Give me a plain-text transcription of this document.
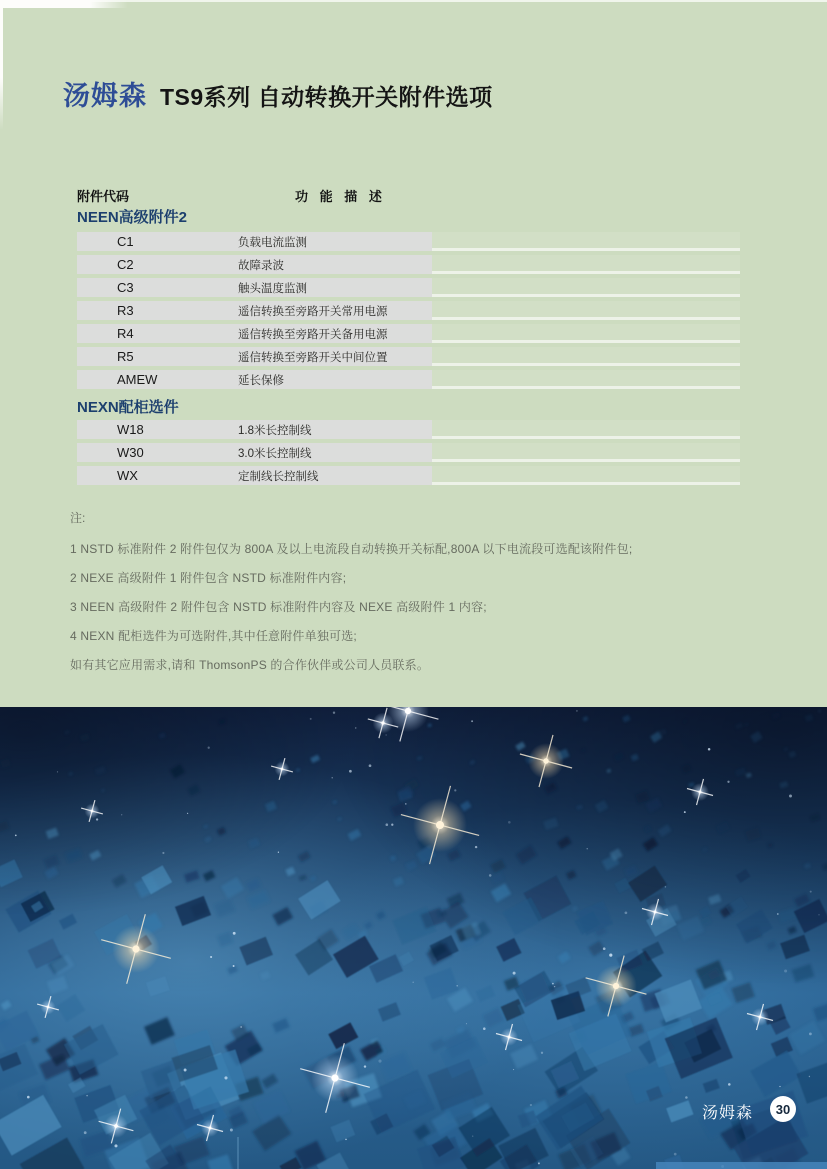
汤姆森 TS9系列 自动转换开关附件选项
附件代码	功 能 描 述
NEEN高级附件2
C1	负载电流监测
C2	故障录波
C3	触头温度监测
R3	遥信转换至旁路开关常用电源
R4	遥信转换至旁路开关备用电源
R5	遥信转换至旁路开关中间位置
AMEW	延长保修
NEXN配柜选件
W18	1.8米长控制线
W30	3.0米长控制线
WX	定制线长控制线
注:

1 NSTD 标准附件 2 附件包仅为 800A 及以上电流段自动转换开关标配,800A 以下电流段可选配该附件包;

2 NEXE 高级附件 1 附件包含 NSTD 标准附件内容;

3 NEEN 高级附件 2 附件包含 NSTD 标准附件内容及 NEXE 高级附件 1 内容;

4 NEXN 配柜选件为可选附件,其中任意附件单独可选;

如有其它应用需求,请和 ThomsonPS 的合作伙伴或公司人员联系。

汤姆森	30
